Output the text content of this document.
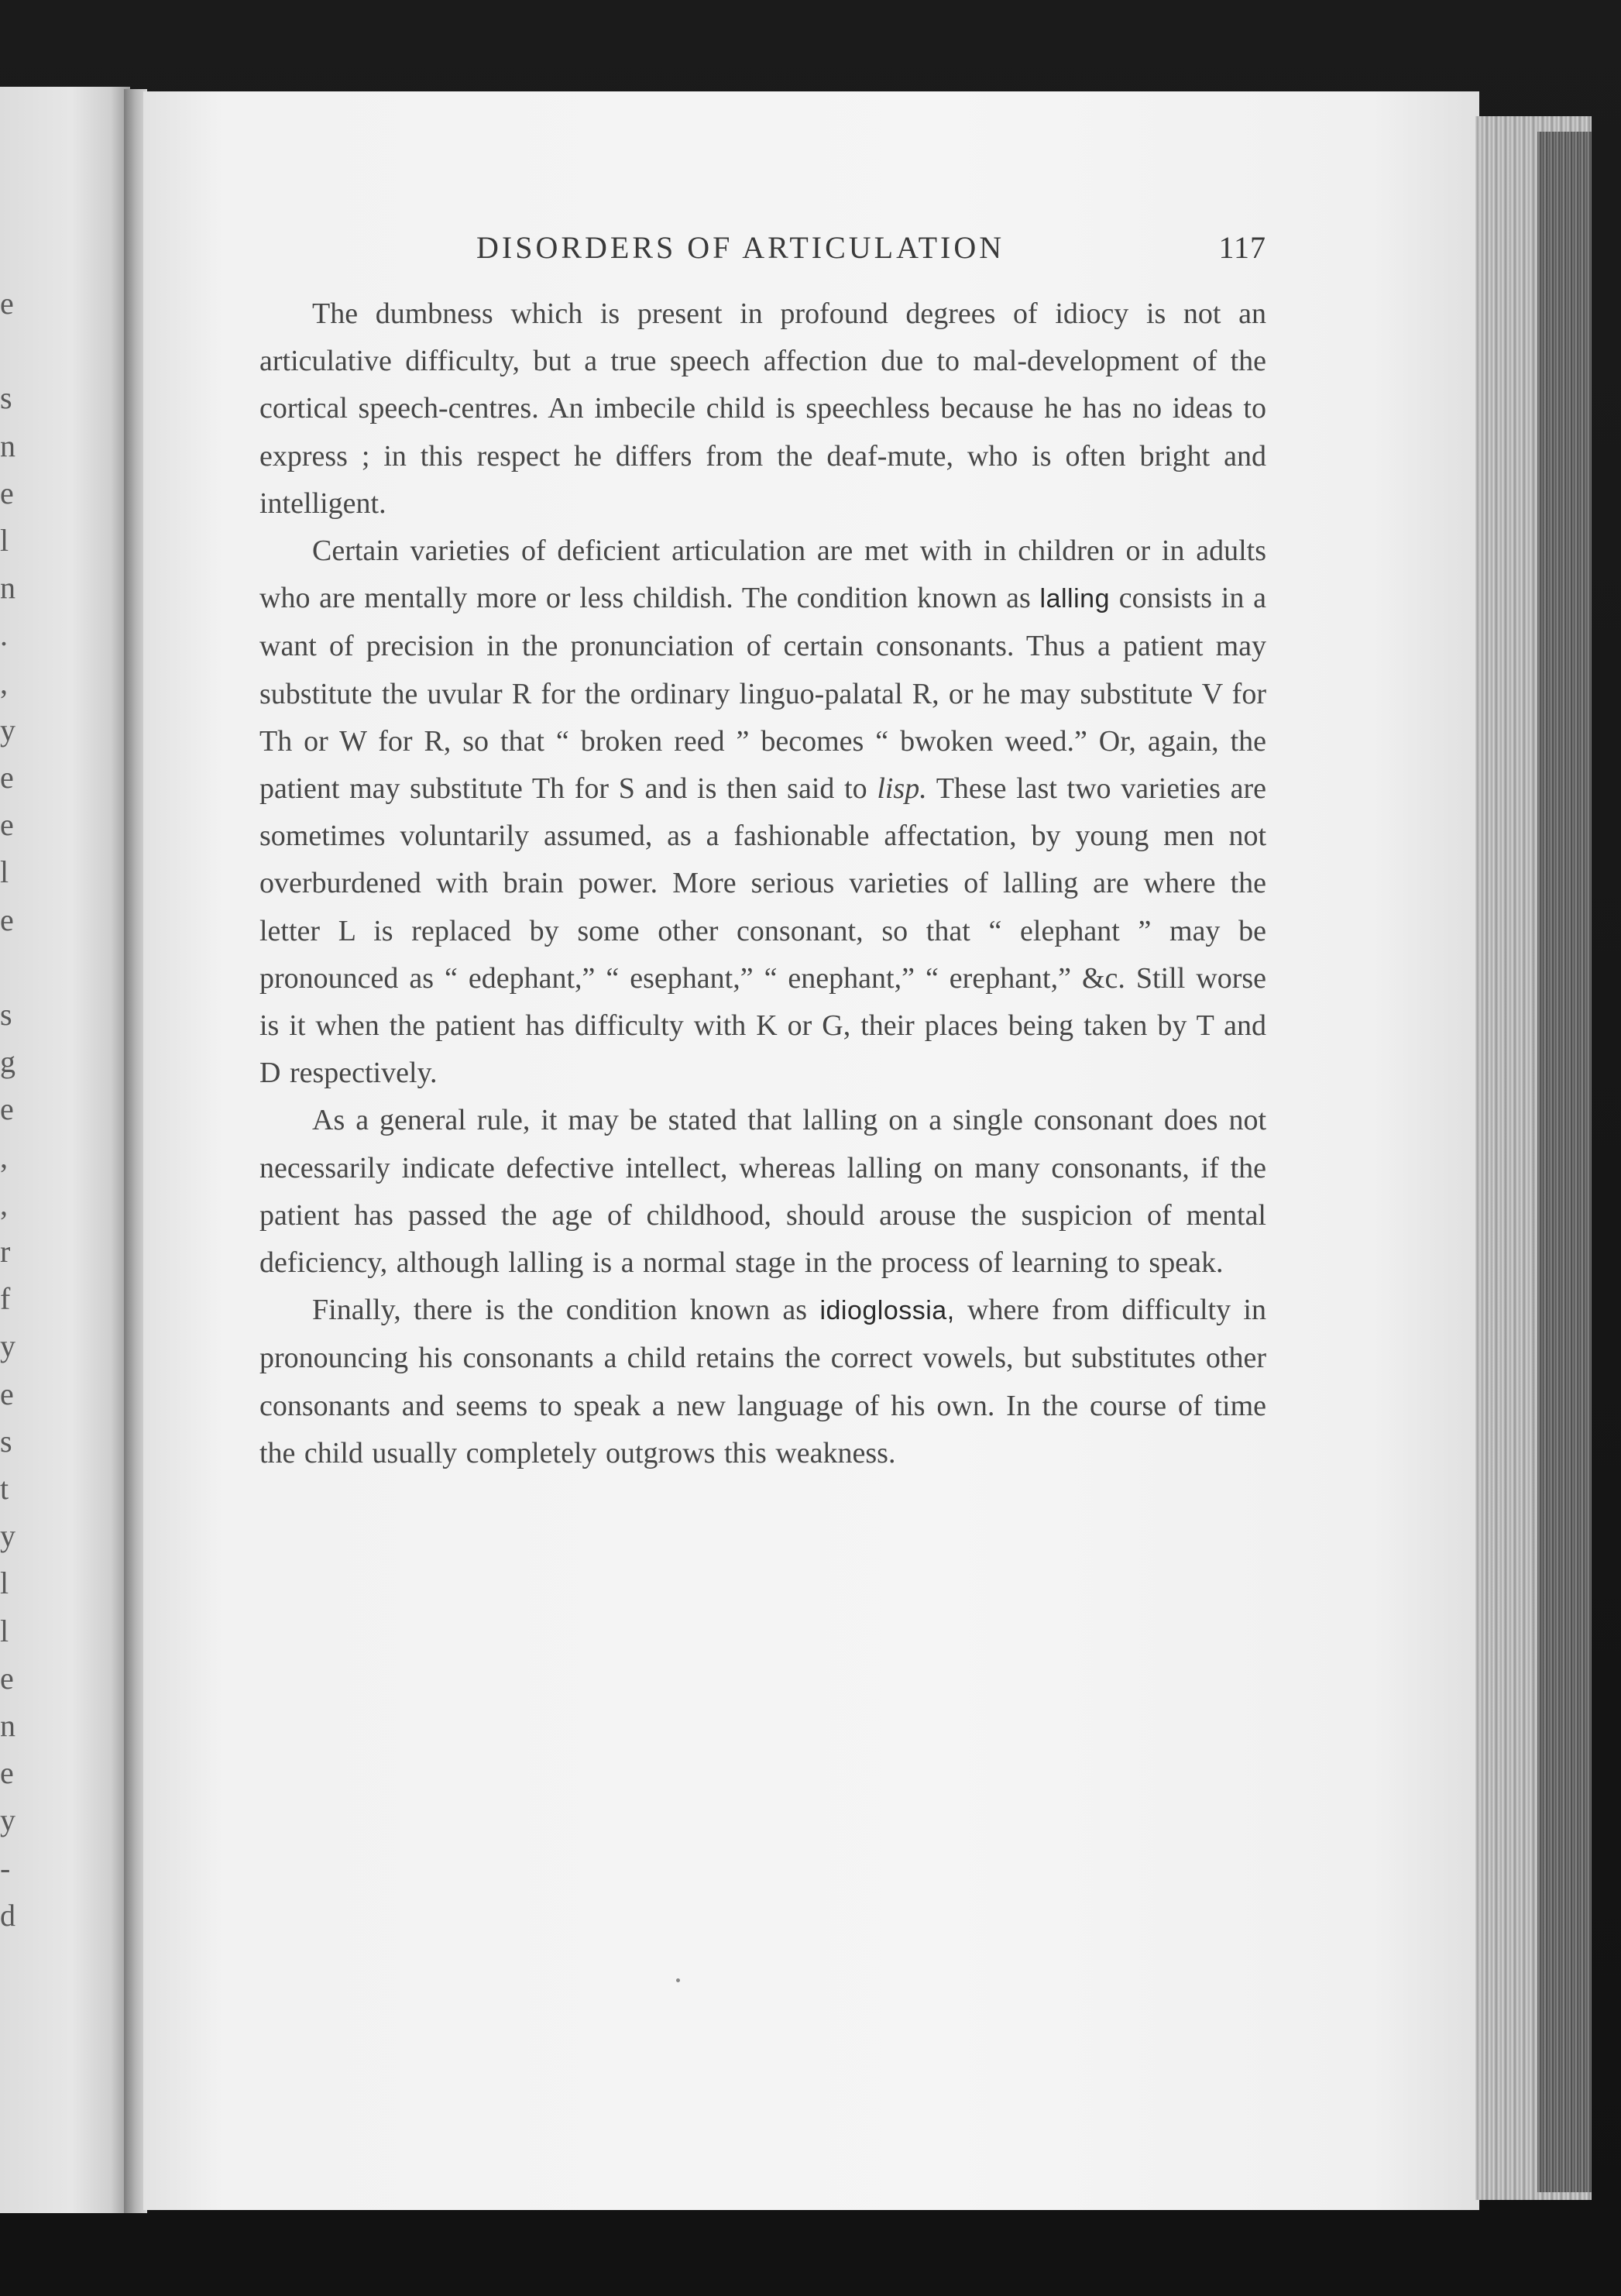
e
s
n
e
l
n
.
,
y
e
e
l
e
s
g
e
,
,
r
f
y
e
s
t
y
l
l
e
n
e
y
-
d
DISORDERS OF ARTICULATION	117

The dumbness which is present in profound degrees of idiocy is not an articulative difficulty, but a true speech affection due to mal-development of the cortical speech-centres. An imbecile child is speechless because he has no ideas to express ; in this respect he differs from the deaf-mute, who is often bright and intelligent.

Certain varieties of deficient articulation are met with in children or in adults who are mentally more or less childish. The condition known as lalling consists in a want of precision in the pronunciation of certain consonants. Thus a patient may substitute the uvular R for the ordinary linguo-palatal R, or he may substitute V for Th or W for R, so that “ broken reed ” becomes “ bwoken weed.” Or, again, the patient may substitute Th for S and is then said to lisp. These last two varieties are sometimes voluntarily assumed, as a fashionable affectation, by young men not overburdened with brain power. More serious varieties of lalling are where the letter L is replaced by some other consonant, so that “ elephant ” may be pronounced as “ edephant,” “ esephant,” “ enephant,” “ erephant,” &c. Still worse is it when the patient has difficulty with K or G, their places being taken by T and D respectively.

As a general rule, it may be stated that lalling on a single consonant does not necessarily indicate defective intellect, whereas lalling on many consonants, if the patient has passed the age of childhood, should arouse the suspicion of mental deficiency, although lalling is a normal stage in the process of learning to speak.

Finally, there is the condition known as idioglossia, where from difficulty in pronouncing his consonants a child retains the correct vowels, but substitutes other consonants and seems to speak a new language of his own. In the course of time the child usually completely outgrows this weakness.
